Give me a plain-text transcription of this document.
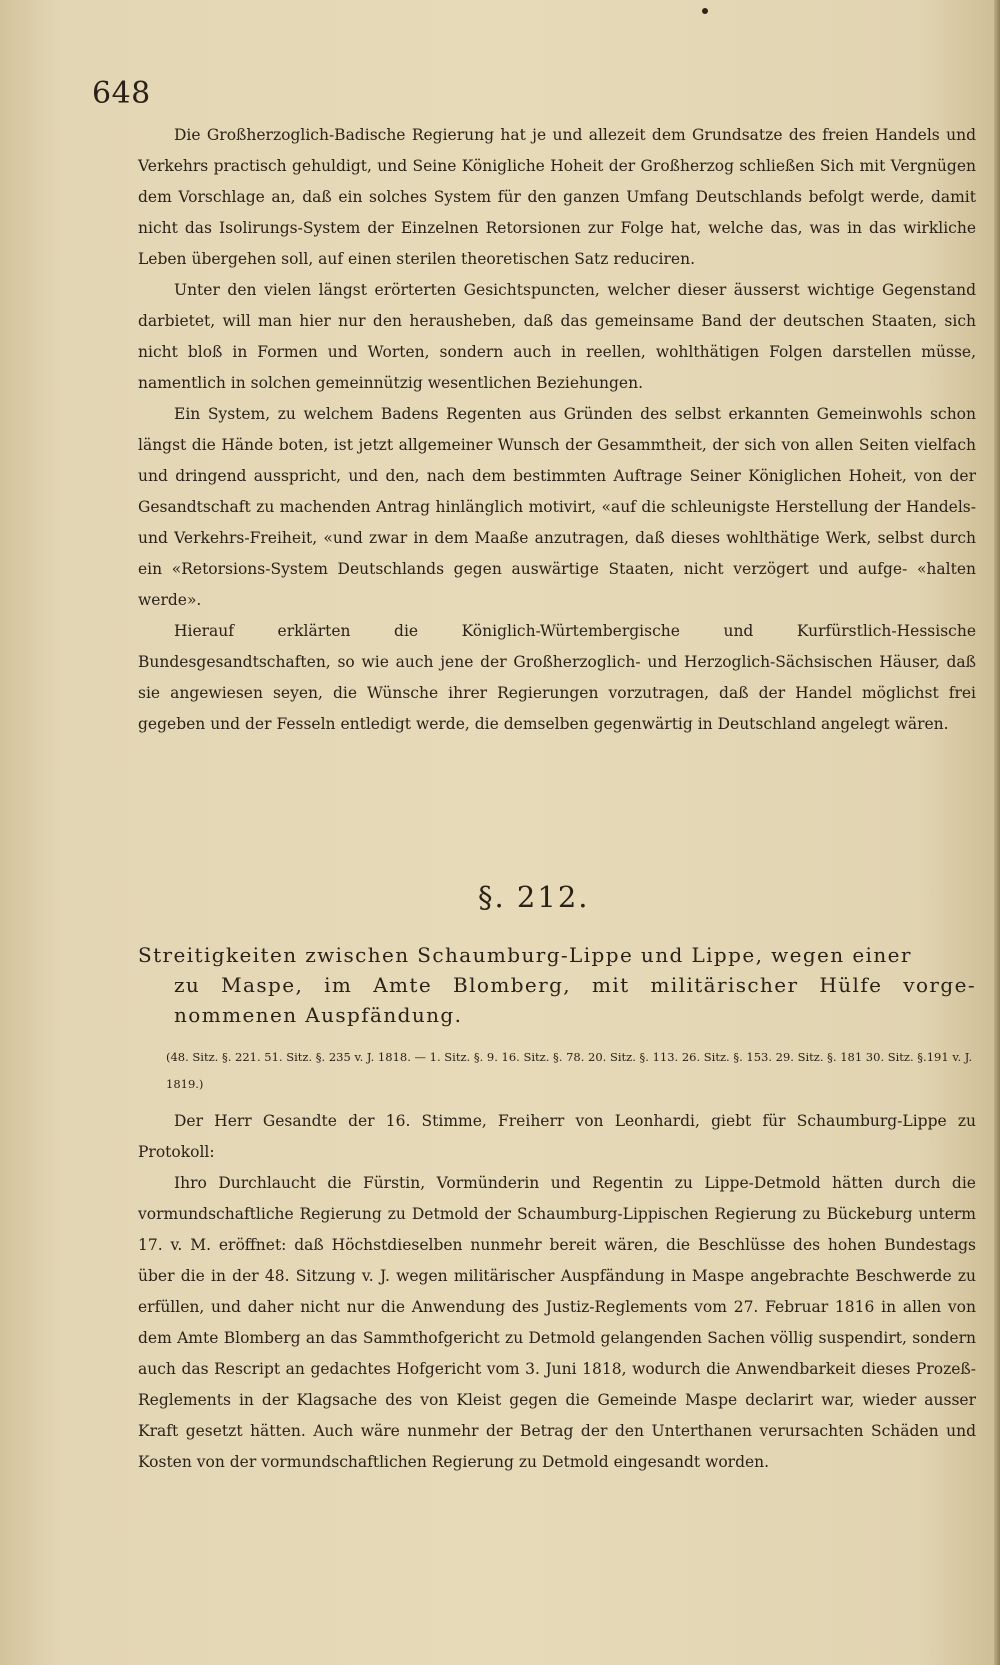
648

Die Großherzoglich-Badische Regierung hat je und allezeit dem Grundsatze des freien Handels und Verkehrs practisch gehuldigt, und Seine Königliche Hoheit der Großherzog schließen Sich mit Vergnügen dem Vorschlage an, daß ein solches System für den ganzen Umfang Deutschlands befolgt werde, damit nicht das Isolirungs-System der Einzelnen Retorsionen zur Folge hat, welche das, was in das wirkliche Leben übergehen soll, auf einen sterilen theoretischen Satz reduciren.

Unter den vielen längst erörterten Gesichtspuncten, welcher dieser äusserst wichtige Gegenstand darbietet, will man hier nur den herausheben, daß das gemeinsame Band der deutschen Staaten, sich nicht bloß in Formen und Worten, sondern auch in reellen, wohlthätigen Folgen darstellen müsse, namentlich in solchen gemeinnützig wesentlichen Beziehungen.

Ein System, zu welchem Badens Regenten aus Gründen des selbst erkannten Gemeinwohls schon längst die Hände boten, ist jetzt allgemeiner Wunsch der Gesammtheit, der sich von allen Seiten vielfach und dringend ausspricht, und den, nach dem bestimmten Auftrage Seiner Königlichen Hoheit, von der Gesandtschaft zu machenden Antrag hinlänglich motivirt, «auf die schleunigste Herstellung der Handels- und Verkehrs-Freiheit, «und zwar in dem Maaße anzutragen, daß dieses wohlthätige Werk, selbst durch ein «Retorsions-System Deutschlands gegen auswärtige Staaten, nicht verzögert und aufge- «halten werde».

Hierauf erklärten die Königlich-Würtembergische und Kurfürstlich-Hessische Bundesgesandtschaften, so wie auch jene der Großherzoglich- und Herzoglich-Sächsischen Häuser, daß sie angewiesen seyen, die Wünsche ihrer Regierungen vorzutragen, daß der Handel möglichst frei gegeben und der Fesseln entledigt werde, die demselben gegenwärtig in Deutschland angelegt wären.

§. 212.
Streitigkeiten zwischen Schaumburg-Lippe und Lippe, wegen einer
zu Maspe, im Amte Blomberg, mit militärischer Hülfe vorge- nommenen Auspfändung.
(48. Sitz. §. 221. 51. Sitz. §. 235 v. J. 1818. — 1. Sitz. §. 9. 16. Sitz. §. 78. 20. Sitz. §. 113. 26. Sitz. §. 153. 29. Sitz. §. 181 30. Sitz. §.191 v. J. 1819.)

Der Herr Gesandte der 16. Stimme, Freiherr von Leonhardi, giebt für Schaumburg-Lippe zu Protokoll:

Ihro Durchlaucht die Fürstin, Vormünderin und Regentin zu Lippe-Detmold hätten durch die vormundschaftliche Regierung zu Detmold der Schaumburg-Lippischen Regierung zu Bückeburg unterm 17. v. M. eröffnet: daß Höchstdieselben nunmehr bereit wären, die Beschlüsse des hohen Bundestags über die in der 48. Sitzung v. J. wegen militärischer Auspfändung in Maspe angebrachte Beschwerde zu erfüllen, und daher nicht nur die Anwendung des Justiz-Reglements vom 27. Februar 1816 in allen von dem Amte Blomberg an das Sammthofgericht zu Detmold gelangenden Sachen völlig suspendirt, sondern auch das Rescript an gedachtes Hofgericht vom 3. Juni 1818, wodurch die Anwendbarkeit dieses Prozeß-Reglements in der Klagsache des von Kleist gegen die Gemeinde Maspe declarirt war, wieder ausser Kraft gesetzt hätten. Auch wäre nunmehr der Betrag der den Unterthanen verursachten Schäden und Kosten von der vormundschaftlichen Regierung zu Detmold eingesandt worden.
